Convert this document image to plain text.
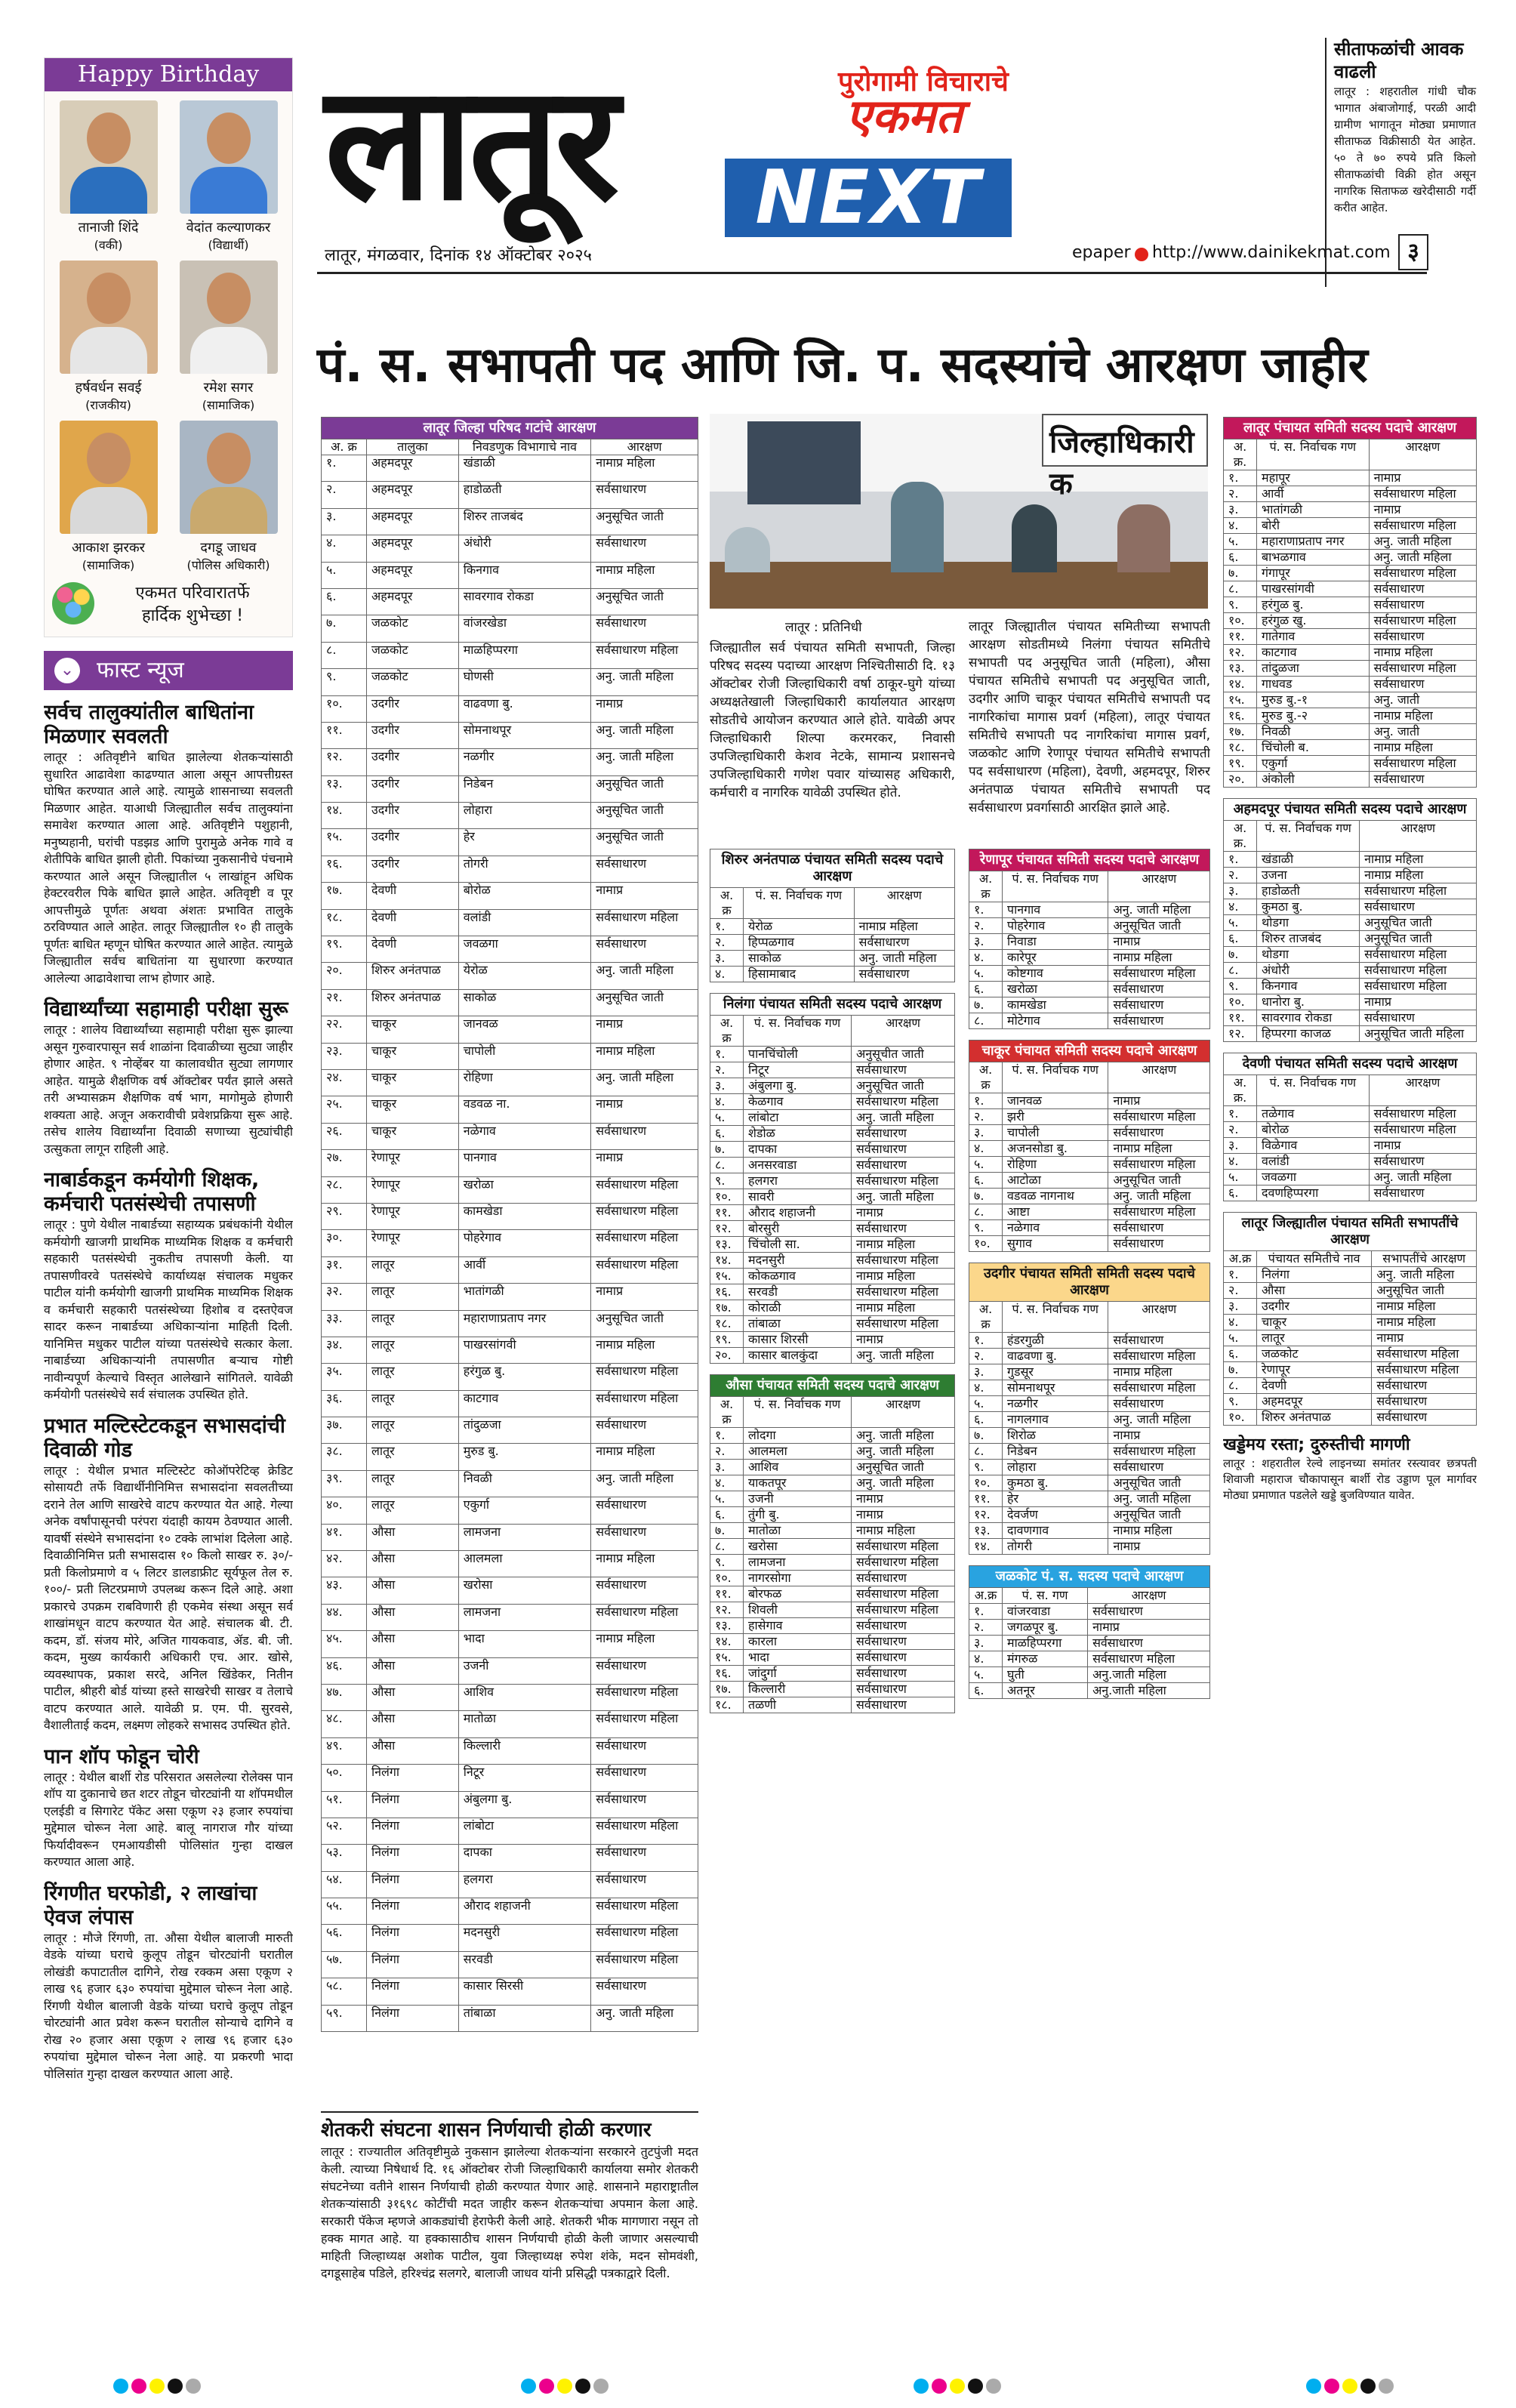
Happy Birthday
तानाजी शिंदे
(वकी)
वेदांत कल्याणकर
(विद्यार्थी)
हर्षवर्धन सवई
(राजकीय)
रमेश सगर
(सामाजिक)
आकाश झरकर
(सामाजिक)
दगडू जाधव
(पोलिस अधिकारी)
एकमत परिवारातर्फे
हार्दिक शुभेच्छा !
⌄ फास्ट न्यूज
सर्वच तालुक्यांतील बाधितांना मिळणार सवलती
लातूर : अतिवृष्टीने बाधित झालेल्या शेतकऱ्यांसाठी सुधारित आढावेशा काढण्यात आला असून आपत्तीग्रस्त घोषित करण्यात आले आहे. त्यामुळे शासनाच्या सवलती मिळणार आहेत. याआधी जिल्ह्यातील सर्वच तालुक्यांना समावेश करण्यात आला आहे. अतिवृष्टीने पशुहानी, मनुष्यहानी, घरांची पडझड आणि पुरामुळे अनेक गावे व शेतीपिके बाधित झाली होती. पिकांच्या नुकसानीचे पंचनामे करण्यात आले असून जिल्ह्यातील ५ लाखांहून अधिक हेक्टरवरील पिके बाधित झाले आहेत. अतिवृष्टी व पूर आपत्तीमुळे पूर्णतः अथवा अंशतः प्रभावित तालुके ठरविण्यात आले आहेत. लातूर जिल्ह्यातील १० ही तालुके पूर्णतः बाधित म्हणून घोषित करण्यात आले आहेत. त्यामुळे जिल्ह्यातील सर्वच बाधितांना या सुधारणा करण्यात आलेल्या आढावेशाचा लाभ होणार आहे.
विद्यार्थ्यांच्या सहामाही परीक्षा सुरू
लातूर : शालेय विद्यार्थ्यांच्या सहामाही परीक्षा सुरू झाल्या असून गुरुवारपासून सर्व शाळांना दिवाळीच्या सुट्या जाहीर होणार आहेत. ९ नोव्हेंबर या कालावधीत सुट्या लागणार आहेत. यामुळे शैक्षणिक वर्ष ऑक्टोबर पर्यंत झाले असते तरी अभ्यासक्रम शैक्षणिक वर्ष भाग, मागोमुळे होणारी शक्यता आहे. अजून अकरावीची प्रवेशप्रक्रिया सुरू आहे. तसेच शालेय विद्यार्थ्यांना दिवाळी सणाच्या सुट्यांचीही उत्सुकता लागून राहिली आहे.
नाबार्डकडून कर्मयोगी शिक्षक, कर्मचारी पतसंस्थेची तपासणी
लातूर : पुणे येथील नाबार्डच्या सहाय्यक प्रबंधकांनी येथील कर्मयोगी खाजगी प्राथमिक माध्यमिक शिक्षक व कर्मचारी सहकारी पतसंस्थेची नुकतीच तपासणी केली. या तपासणीवरवे पतसंस्थेचे कार्याध्यक्ष संचालक मधुकर पाटील यांनी कर्मयोगी खाजगी प्राथमिक माध्यमिक शिक्षक व कर्मचारी सहकारी पतसंस्थेच्या हिशोब व दस्तऐवज सादर करून नाबार्डच्या अधिकाऱ्यांना माहिती दिली. यानिमित्त मधुकर पाटील यांच्या पतसंस्थेचे सत्कार केला. नाबार्डच्या अधिकाऱ्यांनी तपासणीत बऱ्याच गोष्टी नावीन्यपूर्ण केल्याचे विस्तृत आलेखाने सांगितले. यावेळी कर्मयोगी पतसंस्थेचे सर्व संचालक उपस्थित होते.
प्रभात मल्टिस्टेटकडून सभासदांची दिवाळी गोड
लातूर : येथील प्रभात मल्टिस्टेट कोऑपरेटिव्ह क्रेडिट सोसायटी तर्फे विद्यार्थीनीनिमित्त सभासदांना सवलतीच्या दराने तेल आणि साखरेचे वाटप करण्यात येत आहे. गेल्या अनेक वर्षांपासूनची परंपरा यंदाही कायम ठेवण्यात आली. यावर्षी संस्थेने सभासदांना १० टक्के लाभांश दिलेला आहे. दिवाळीनिमित्त प्रती सभासदास १० किलो साखर रु. ३०/- प्रती किलोप्रमाणे व ५ लिटर डालडाफ्रीट सूर्यफूल तेल रु. १००/- प्रती लिटरप्रमाणे उपलब्ध करून दिले आहे. अशा प्रकारचे उपक्रम राबविणारी ही एकमेव संस्था असून सर्व शाखांमधून वाटप करण्यात येत आहे. संचालक बी. टी. कदम, डॉ. संजय मोरे, अजित गायकवाड, ॲड. बी. जी. कदम, मुख्य कार्यकारी अधिकारी एच. आर. खोसे, व्यवस्थापक, प्रकाश सरदे, अनिल खिंडेकर, नितीन पाटील, श्रीहरी बोर्ड यांच्या हस्ते साखरेची साखर व तेलाचे वाटप करण्यात आले. यावेळी प्र. एम. पी. सुरवसे, वैशालीताई कदम, लक्ष्मण लोहकरे सभासद उपस्थित होते.
पान शॉप फोडून चोरी
लातूर : येथील बार्शी रोड परिसरात असलेल्या रोलेक्स पान शॉप या दुकानाचे छत शटर तोडून चोरट्यांनी या शॉपमधील एलईडी व सिगारेट पॅकेट असा एकूण २३ हजार रुपयांचा मुद्देमाल चोरून नेला आहे. बालू नागराज गौर यांच्या फिर्यादीवरून एमआयडीसी पोलिसांत गुन्हा दाखल करण्यात आला आहे.
रिंगणीत घरफोडी, २ लाखांचा ऐवज लंपास
लातूर : मौजे रिंगणी, ता. औसा येथील बालाजी मारुती वेडके यांच्या घराचे कुलूप तोडून चोरट्यांनी घरातील लोखंडी कपाटातील दागिने, रोख रक्कम असा एकूण २ लाख ९६ हजार ६३० रुपयांचा मुद्देमाल चोरून नेला आहे. रिंगणी येथील बालाजी वेडके यांच्या घराचे कुलूप तोडून चोरट्यांनी आत प्रवेश करून घरातील सोन्याचे दागिने व रोख २० हजार असा एकूण २ लाख ९६ हजार ६३० रुपयांचा मुद्देमाल चोरून नेला आहे. या प्रकरणी भादा पोलिसांत गुन्हा दाखल करण्यात आला आहे.
लातूर	पुरोगामी विचाराचे
एकमत
NEXT
लातूर, मंगळवार, दिनांक १४ ऑक्टोबर २०२५	epaper http://www.dainikekmat.com ३
सीताफळांची आवक वाढली
लातूर : शहरातील गांधी चौक भागात अंबाजोगाई, परळी आदी ग्रामीण भागातून मोठ्या प्रमाणात सीताफळ विक्रीसाठी येत आहेत. ५० ते ७० रुपये प्रति किलो सीताफळांची विक्री होत असून नागरिक सिताफळ खरेदीसाठी गर्दी करीत आहेत.
पं. स. सभापती पद आणि जि. प. सदस्यांचे आरक्षण जाहीर
लातूर जिल्हा परिषद गटांचे आरक्षण
अ. क्र	तालुका	निवडणुक विभागाचे नाव	आरक्षण
१.	अहमदपूर	खंडाळी	नामाप्र महिला
२.	अहमदपूर	हाडोळती	सर्वसाधारण
३.	अहमदपूर	शिरुर ताजबंद	अनुसूचित जाती
४.	अहमदपूर	अंधोरी	सर्वसाधारण
५.	अहमदपूर	किनगाव	नामाप्र महिला
६.	अहमदपूर	सावरगाव रोकडा	अनुसूचित जाती
७.	जळकोट	वांजरखेडा	सर्वसाधारण
८.	जळकोट	माळहिप्परगा	सर्वसाधारण महिला
९.	जळकोट	घोणसी	अनु. जाती महिला
१०.	उदगीर	वाढवणा बु.	नामाप्र
११.	उदगीर	सोमनाथपूर	अनु. जाती महिला
१२.	उदगीर	नळगीर	अनु. जाती महिला
१३.	उदगीर	निडेबन	अनुसूचित जाती
१४.	उदगीर	लोहारा	अनुसूचित जाती
१५.	उदगीर	हेर	अनुसूचित जाती
१६.	उदगीर	तोगरी	सर्वसाधारण
१७.	देवणी	बोरोळ	नामाप्र
१८.	देवणी	वलांडी	सर्वसाधारण महिला
१९.	देवणी	जवळगा	सर्वसाधारण
२०.	शिरुर अनंतपाळ	येरोळ	अनु. जाती महिला
२१.	शिरुर अनंतपाळ	साकोळ	अनुसूचित जाती
२२.	चाकूर	जानवळ	नामाप्र
२३.	चाकूर	चापोली	नामाप्र महिला
२४.	चाकूर	रोहिणा	अनु. जाती महिला
२५.	चाकूर	वडवळ ना.	नामाप्र
२६.	चाकूर	नळेगाव	सर्वसाधारण
२७.	रेणापूर	पानगाव	नामाप्र
२८.	रेणापूर	खरोळा	सर्वसाधारण महिला
२९.	रेणापूर	कामखेडा	सर्वसाधारण महिला
३०.	रेणापूर	पोहरेगाव	सर्वसाधारण महिला
३१.	लातूर	आर्वी	सर्वसाधारण महिला
३२.	लातूर	भातांगळी	नामाप्र
३३.	लातूर	महाराणाप्रताप नगर	अनुसूचित जाती
३४.	लातूर	पाखरसांगवी	नामाप्र महिला
३५.	लातूर	हरंगुळ बु.	सर्वसाधारण महिला
३६.	लातूर	काटगाव	सर्वसाधारण महिला
३७.	लातूर	तांदुळजा	सर्वसाधारण
३८.	लातूर	मुरुड बु.	नामाप्र महिला
३९.	लातूर	निवळी	अनु. जाती महिला
४०.	लातूर	एकुर्गा	सर्वसाधारण
४१.	औसा	लामजना	सर्वसाधारण
४२.	औसा	आलमला	नामाप्र महिला
४३.	औसा	खरोसा	सर्वसाधारण
४४.	औसा	लामजना	सर्वसाधारण महिला
४५.	औसा	भादा	नामाप्र महिला
४६.	औसा	उजनी	सर्वसाधारण
४७.	औसा	आशिव	सर्वसाधारण महिला
४८.	औसा	मातोळा	सर्वसाधारण महिला
४९.	औसा	किल्लारी	सर्वसाधारण
५०.	निलंगा	निटूर	सर्वसाधारण
५१.	निलंगा	अंबुलगा बु.	सर्वसाधारण
५२.	निलंगा	लांबोटा	सर्वसाधारण महिला
५३.	निलंगा	दापका	सर्वसाधारण
५४.	निलंगा	हलगरा	सर्वसाधारण
५५.	निलंगा	औराद शहाजनी	सर्वसाधारण महिला
५६.	निलंगा	मदनसुरी	सर्वसाधारण महिला
५७.	निलंगा	सरवडी	सर्वसाधारण महिला
५८.	निलंगा	कासार सिरसी	सर्वसाधारण
५९.	निलंगा	तांबाळा	अनु. जाती महिला
शेतकरी संघटना शासन निर्णयाची होळी करणार
लातूर : राज्यातील अतिवृष्टीमुळे नुकसान झालेल्या शेतकऱ्यांना सरकारने तुटपुंजी मदत केली. त्याच्या निषेधार्थ दि. १६ ऑक्टोबर रोजी जिल्हाधिकारी कार्यालया समोर शेतकरी संघटनेच्या वतीने शासन निर्णयाची होळी करण्यात येणार आहे. शासनाने महाराष्ट्रातील शेतकऱ्यांसाठी ३१६९८ कोटींची मदत जाहीर करून शेतकऱ्यांचा अपमान केला आहे. सरकारी पॅकेज म्हणजे आकड्यांची हेराफेरी केली आहे. शेतकरी भीक मागणारा नसून तो हक्क मागत आहे. या हक्कासाठीच शासन निर्णयाची होळी केली जाणार असल्याची माहिती जिल्हाध्यक्ष अशोक पाटील, युवा जिल्हाध्यक्ष रुपेश शंके, मदन सोमवंशी, दगडूसाहेब पडिले, हरिश्चंद्र सलगरे, बालाजी जाधव यांनी प्रसिद्धी पत्रकाद्वारे दिली.
जिल्हाधिकारी क
लातूर : प्रतिनिधी
जिल्ह्यातील सर्व पंचायत समिती सभापती, जिल्हा परिषद सदस्य पदाच्या आरक्षण निश्चितीसाठी दि. १३ ऑक्टोबर रोजी जिल्हाधिकारी वर्षा ठाकूर-घुगे यांच्या अध्यक्षतेखाली जिल्हाधिकारी कार्यालयात आरक्षण सोडतीचे आयोजन करण्यात आले होते. यावेळी अपर जिल्हाधिकारी शिल्पा करमरकर, निवासी उपजिल्हाधिकारी केशव नेटके, सामान्य प्रशासनचे उपजिल्हाधिकारी गणेश पवार यांच्यासह अधिकारी, कर्मचारी व नागरिक यावेळी उपस्थित होते.
लातूर जिल्ह्यातील पंचायत समितीच्या सभापती आरक्षण सोडतीमध्ये निलंगा पंचायत समितीचे सभापती पद अनुसूचित जाती (महिला), औसा पंचायत समितीचे सभापती पद अनुसूचित जाती, उदगीर आणि चाकूर पंचायत समितीचे सभापती पद नागरिकांचा मागास प्रवर्ग (महिला), लातूर पंचायत समितीचे सभापती पद नागरिकांचा मागास प्रवर्ग, जळकोट आणि रेणापूर पंचायत समितीचे सभापती पद सर्वसाधारण (महिला), देवणी, अहमदपूर, शिरुर अनंतपाळ पंचायत समितीचे सभापती पद सर्वसाधारण प्रवर्गासाठी आरक्षित झाले आहे.
शिरुर अनंतपाळ पंचायत समिती सदस्य पदाचे आरक्षण
अ. क्र	पं. स. निर्वाचक गण	आरक्षण
१.	येरोळ	नामाप्र महिला
२.	हिप्पळगाव	सर्वसाधारण
३.	साकोळ	अनु. जाती महिला
४.	हिसामाबाद	सर्वसाधारण
निलंगा पंचायत समिती सदस्य पदाचे आरक्षण
अ. क्र	पं. स. निर्वाचक गण	आरक्षण
१.	पानचिंचोली	अनुसूचीत जाती
२.	निटूर	सर्वसाधारण
३.	अंबुलगा बु.	अनुसूचित जाती
४.	केळगाव	सर्वसाधारण महिला
५.	लांबोटा	अनु. जाती महिला
६.	शेडोळ	सर्वसाधारण
७.	दापका	सर्वसाधारण
८.	अनसरवाडा	सर्वसाधारण
९.	हलगरा	सर्वसाधारण महिला
१०.	सावरी	अनु. जाती महिला
११.	औराद शहाजनी	नामाप्र
१२.	बोरसुरी	सर्वसाधारण
१३.	चिंचोली सा.	नामाप्र महिला
१४.	मदनसुरी	सर्वसाधारण महिला
१५.	कोकळगाव	नामाप्र महिला
१६.	सरवडी	सर्वसाधारण महिला
१७.	कोराळी	नामाप्र महिला
१८.	तांबाळा	सर्वसाधारण महिला
१९.	कासार शिरसी	नामाप्र
२०.	कासार बालकुंदा	अनु. जाती महिला
औसा पंचायत समिती सदस्य पदाचे आरक्षण
अ. क्र	पं. स. निर्वाचक गण	आरक्षण
१.	लोदगा	अनु. जाती महिला
२.	आलमला	अनु. जाती महिला
३.	आशिव	अनुसूचित जाती
४.	याकतपूर	अनु. जाती महिला
५.	उजनी	नामाप्र
६.	तुंगी बु.	नामाप्र
७.	मातोळा	नामाप्र महिला
८.	खरोसा	सर्वसाधारण महिला
९.	लामजना	सर्वसाधारण महिला
१०.	नागरसोगा	सर्वसाधारण
११.	बोरफळ	सर्वसाधारण महिला
१२.	शिवली	सर्वसाधारण महिला
१३.	हासेगाव	सर्वसाधारण
१४.	कारला	सर्वसाधारण
१५.	भादा	सर्वसाधारण
१६.	जांदुर्गा	सर्वसाधारण
१७.	किल्लारी	सर्वसाधारण
१८.	तळणी	सर्वसाधारण
रेणापूर पंचायत समिती सदस्य पदाचे आरक्षण
अ. क्र	पं. स. निर्वाचक गण	आरक्षण
१.	पानगाव	अनु. जाती महिला
२.	पोहरेगाव	अनुसूचित जाती
३.	निवाडा	नामाप्र
४.	कारेपूर	नामाप्र महिला
५.	कोष्टगाव	सर्वसाधारण महिला
६.	खरोळा	सर्वसाधारण
७.	कामखेडा	सर्वसाधारण
८.	मोटेगाव	सर्वसाधारण
चाकूर पंचायत समिती सदस्य पदाचे आरक्षण
अ. क्र	पं. स. निर्वाचक गण	आरक्षण
१.	जानवळ	नामाप्र
२.	झरी	सर्वसाधारण महिला
३.	चापोली	सर्वसाधारण
४.	अजनसोडा बु.	नामाप्र महिला
५.	रोहिणा	सर्वसाधारण महिला
६.	आटोळा	अनुसूचित जाती
७.	वडवळ नागनाथ	अनु. जाती महिला
८.	आष्टा	सर्वसाधारण महिला
९.	नळेगाव	सर्वसाधारण
१०.	सुगाव	सर्वसाधारण
उदगीर पंचायत समिती समिती सदस्य पदाचे आरक्षण
अ. क्र	पं. स. निर्वाचक गण	आरक्षण
१.	हंडरगुळी	सर्वसाधारण
२.	वाढवणा बु.	सर्वसाधारण महिला
३.	गुडसूर	नामाप्र महिला
४.	सोमनाथपूर	सर्वसाधारण महिला
५.	नळगीर	सर्वसाधारण
६.	नागलगाव	अनु. जाती महिला
७.	शिरोळ	नामाप्र
८.	निडेबन	सर्वसाधारण महिला
९.	लोहारा	सर्वसाधारण
१०.	कुमठा बु.	अनुसूचित जाती
११.	हेर	अनु. जाती महिला
१२.	देवर्जण	अनुसूचित जाती
१३.	दावणगाव	नामाप्र महिला
१४.	तोगरी	नामाप्र
जळकोट पं. स. सदस्य पदाचे आरक्षण
अ.क्र	पं. स. गण	आरक्षण
१.	वांजरवाडा	सर्वसाधारण
२.	जगळपूर बु.	नामाप्र
३.	माळहिप्परगा	सर्वसाधारण
४.	मंगरुळ	सर्वसाधारण महिला
५.	घुती	अनु.जाती महिला
६.	अतनूर	अनु.जाती महिला
लातूर पंचायत समिती सदस्य पदाचे आरक्षण
अ. क्र.	पं. स. निर्वाचक गण	आरक्षण
१.	महापूर	नामाप्र
२.	आर्वी	सर्वसाधारण महिला
३.	भातांगळी	नामाप्र
४.	बोरी	सर्वसाधारण महिला
५.	महाराणाप्रताप नगर	अनु. जाती महिला
६.	बाभळगाव	अनु. जाती महिला
७.	गंगापूर	सर्वसाधारण महिला
८.	पाखरसांगवी	सर्वसाधारण
९.	हरंगुळ बु.	सर्वसाधारण
१०.	हरंगुळ खु.	सर्वसाधारण महिला
११.	गातेगाव	सर्वसाधारण
१२.	काटगाव	नामाप्र महिला
१३.	तांदुळजा	सर्वसाधारण महिला
१४.	गाधवड	सर्वसाधारण
१५.	मुरुड बु.-१	अनु. जाती
१६.	मुरुड बु.-२	नामाप्र महिला
१७.	निवळी	अनु. जाती
१८.	चिंचोली ब.	नामाप्र महिला
१९.	एकुर्गा	सर्वसाधारण महिला
२०.	अंकोली	सर्वसाधारण
अहमदपूर पंचायत समिती सदस्य पदाचे आरक्षण
अ. क्र.	पं. स. निर्वाचक गण	आरक्षण
१.	खंडाळी	नामाप्र महिला
२.	उजना	नामाप्र महिला
३.	हाडोळती	सर्वसाधारण महिला
४.	कुमठा बु.	सर्वसाधारण
५.	थोडगा	अनुसूचित जाती
६.	शिरुर ताजबंद	अनुसूचित जाती
७.	थोडगा	सर्वसाधारण महिला
८.	अंधोरी	सर्वसाधारण महिला
९.	किनगाव	सर्वसाधारण महिला
१०.	धानोरा बु.	नामाप्र
११.	सावरगाव रोकडा	सर्वसाधारण
१२.	हिप्परगा काजळ	अनुसूचित जाती महिला
देवणी पंचायत समिती सदस्य पदाचे आरक्षण
अ. क्र.	पं. स. निर्वाचक गण	आरक्षण
१.	तळेगाव	सर्वसाधारण महिला
२.	बोरोळ	सर्वसाधारण महिला
३.	विळेगाव	नामाप्र
४.	वलांडी	सर्वसाधारण
५.	जवळगा	अनु. जाती महिला
६.	दवणहिप्परगा	सर्वसाधारण
लातूर जिल्ह्यातील पंचायत समिती सभापतींचे आरक्षण
अ.क्र	पंचायत समितीचे नाव	सभापतींचे आरक्षण
१.	निलंगा	अनु. जाती महिला
२.	औसा	अनुसूचित जाती
३.	उदगीर	नामाप्र महिला
४.	चाकूर	नामाप्र महिला
५.	लातूर	नामाप्र
६.	जळकोट	सर्वसाधारण महिला
७.	रेणापूर	सर्वसाधारण महिला
८.	देवणी	सर्वसाधारण
९.	अहमदपूर	सर्वसाधारण
१०.	शिरुर अनंतपाळ	सर्वसाधारण
खड्डेमय रस्ता; दुरुस्तीची मागणी
लातूर : शहरातील रेल्वे लाइनच्या समांतर रस्त्यावर छत्रपती शिवाजी महाराज चौकापासून बार्शी रोड उड्डाण पूल मार्गावर मोठ्या प्रमाणात पडलेले खड्डे बुजविण्यात यावेत.
